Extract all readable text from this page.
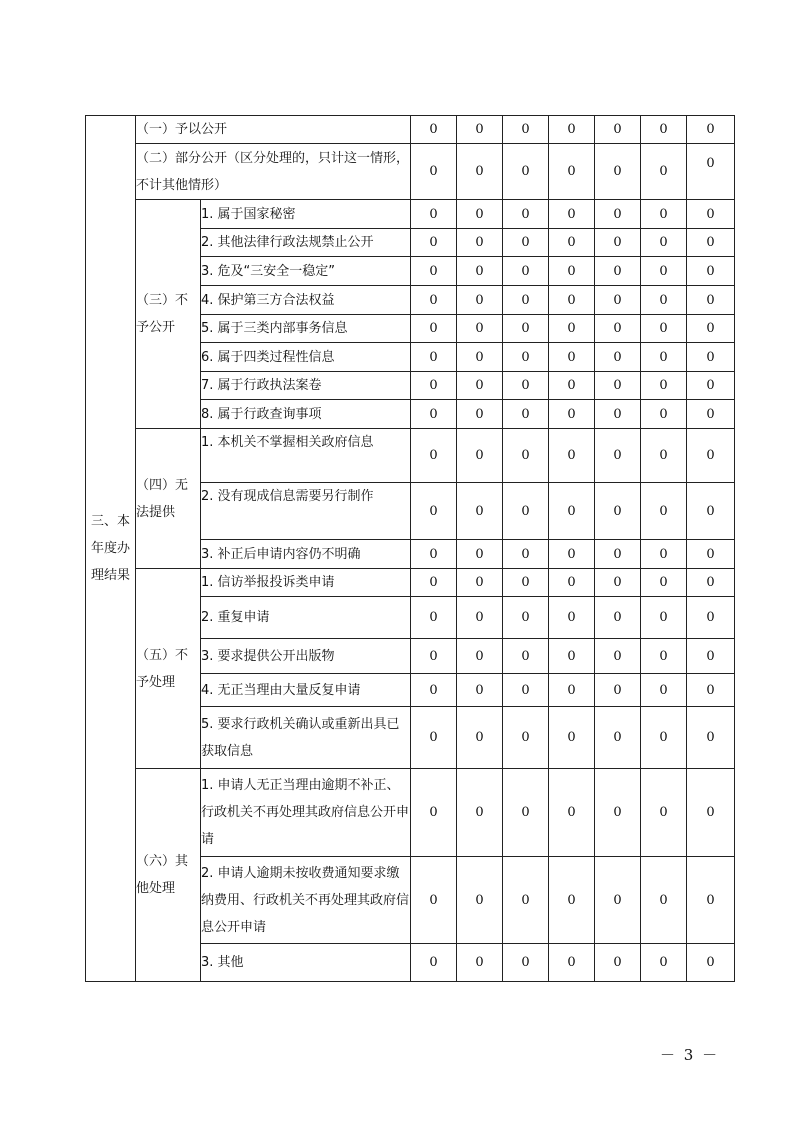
三、本年度办理结果	（一）予以公开		0	0	0	0	0	0	0
	（二）部分公开（区分处理的，只计这一情形，不计其他情形）		0	0	0	0	0	0	0
	（三）不予公开	1. 属于国家秘密	0	0	0	0	0	0	0
		2. 其他法律行政法规禁止公开	0	0	0	0	0	0	0
		3. 危及“三安全一稳定”	0	0	0	0	0	0	0
		4. 保护第三方合法权益	0	0	0	0	0	0	0
		5. 属于三类内部事务信息	0	0	0	0	0	0	0
		6. 属于四类过程性信息	0	0	0	0	0	0	0
		7. 属于行政执法案卷	0	0	0	0	0	0	0
		8. 属于行政查询事项	0	0	0	0	0	0	0
	（四）无法提供	1. 本机关不掌握相关政府信息	0	0	0	0	0	0	0
		2. 没有现成信息需要另行制作	0	0	0	0	0	0	0
		3. 补正后申请内容仍不明确	0	0	0	0	0	0	0
	（五）不予处理	1. 信访举报投诉类申请	0	0	0	0	0	0	0
		2. 重复申请	0	0	0	0	0	0	0
		3. 要求提供公开出版物	0	0	0	0	0	0	0
		4. 无正当理由大量反复申请	0	0	0	0	0	0	0
		5. 要求行政机关确认或重新出具已获取信息	0	0	0	0	0	0	0
	（六）其他处理	1. 申请人无正当理由逾期不补正、行政机关不再处理其政府信息公开申请	0	0	0	0	0	0	0
		2. 申请人逾期未按收费通知要求缴纳费用、行政机关不再处理其政府信息公开申请	0	0	0	0	0	0	0
		3. 其他	0	0	0	0	0	0	0
－ 3 －
